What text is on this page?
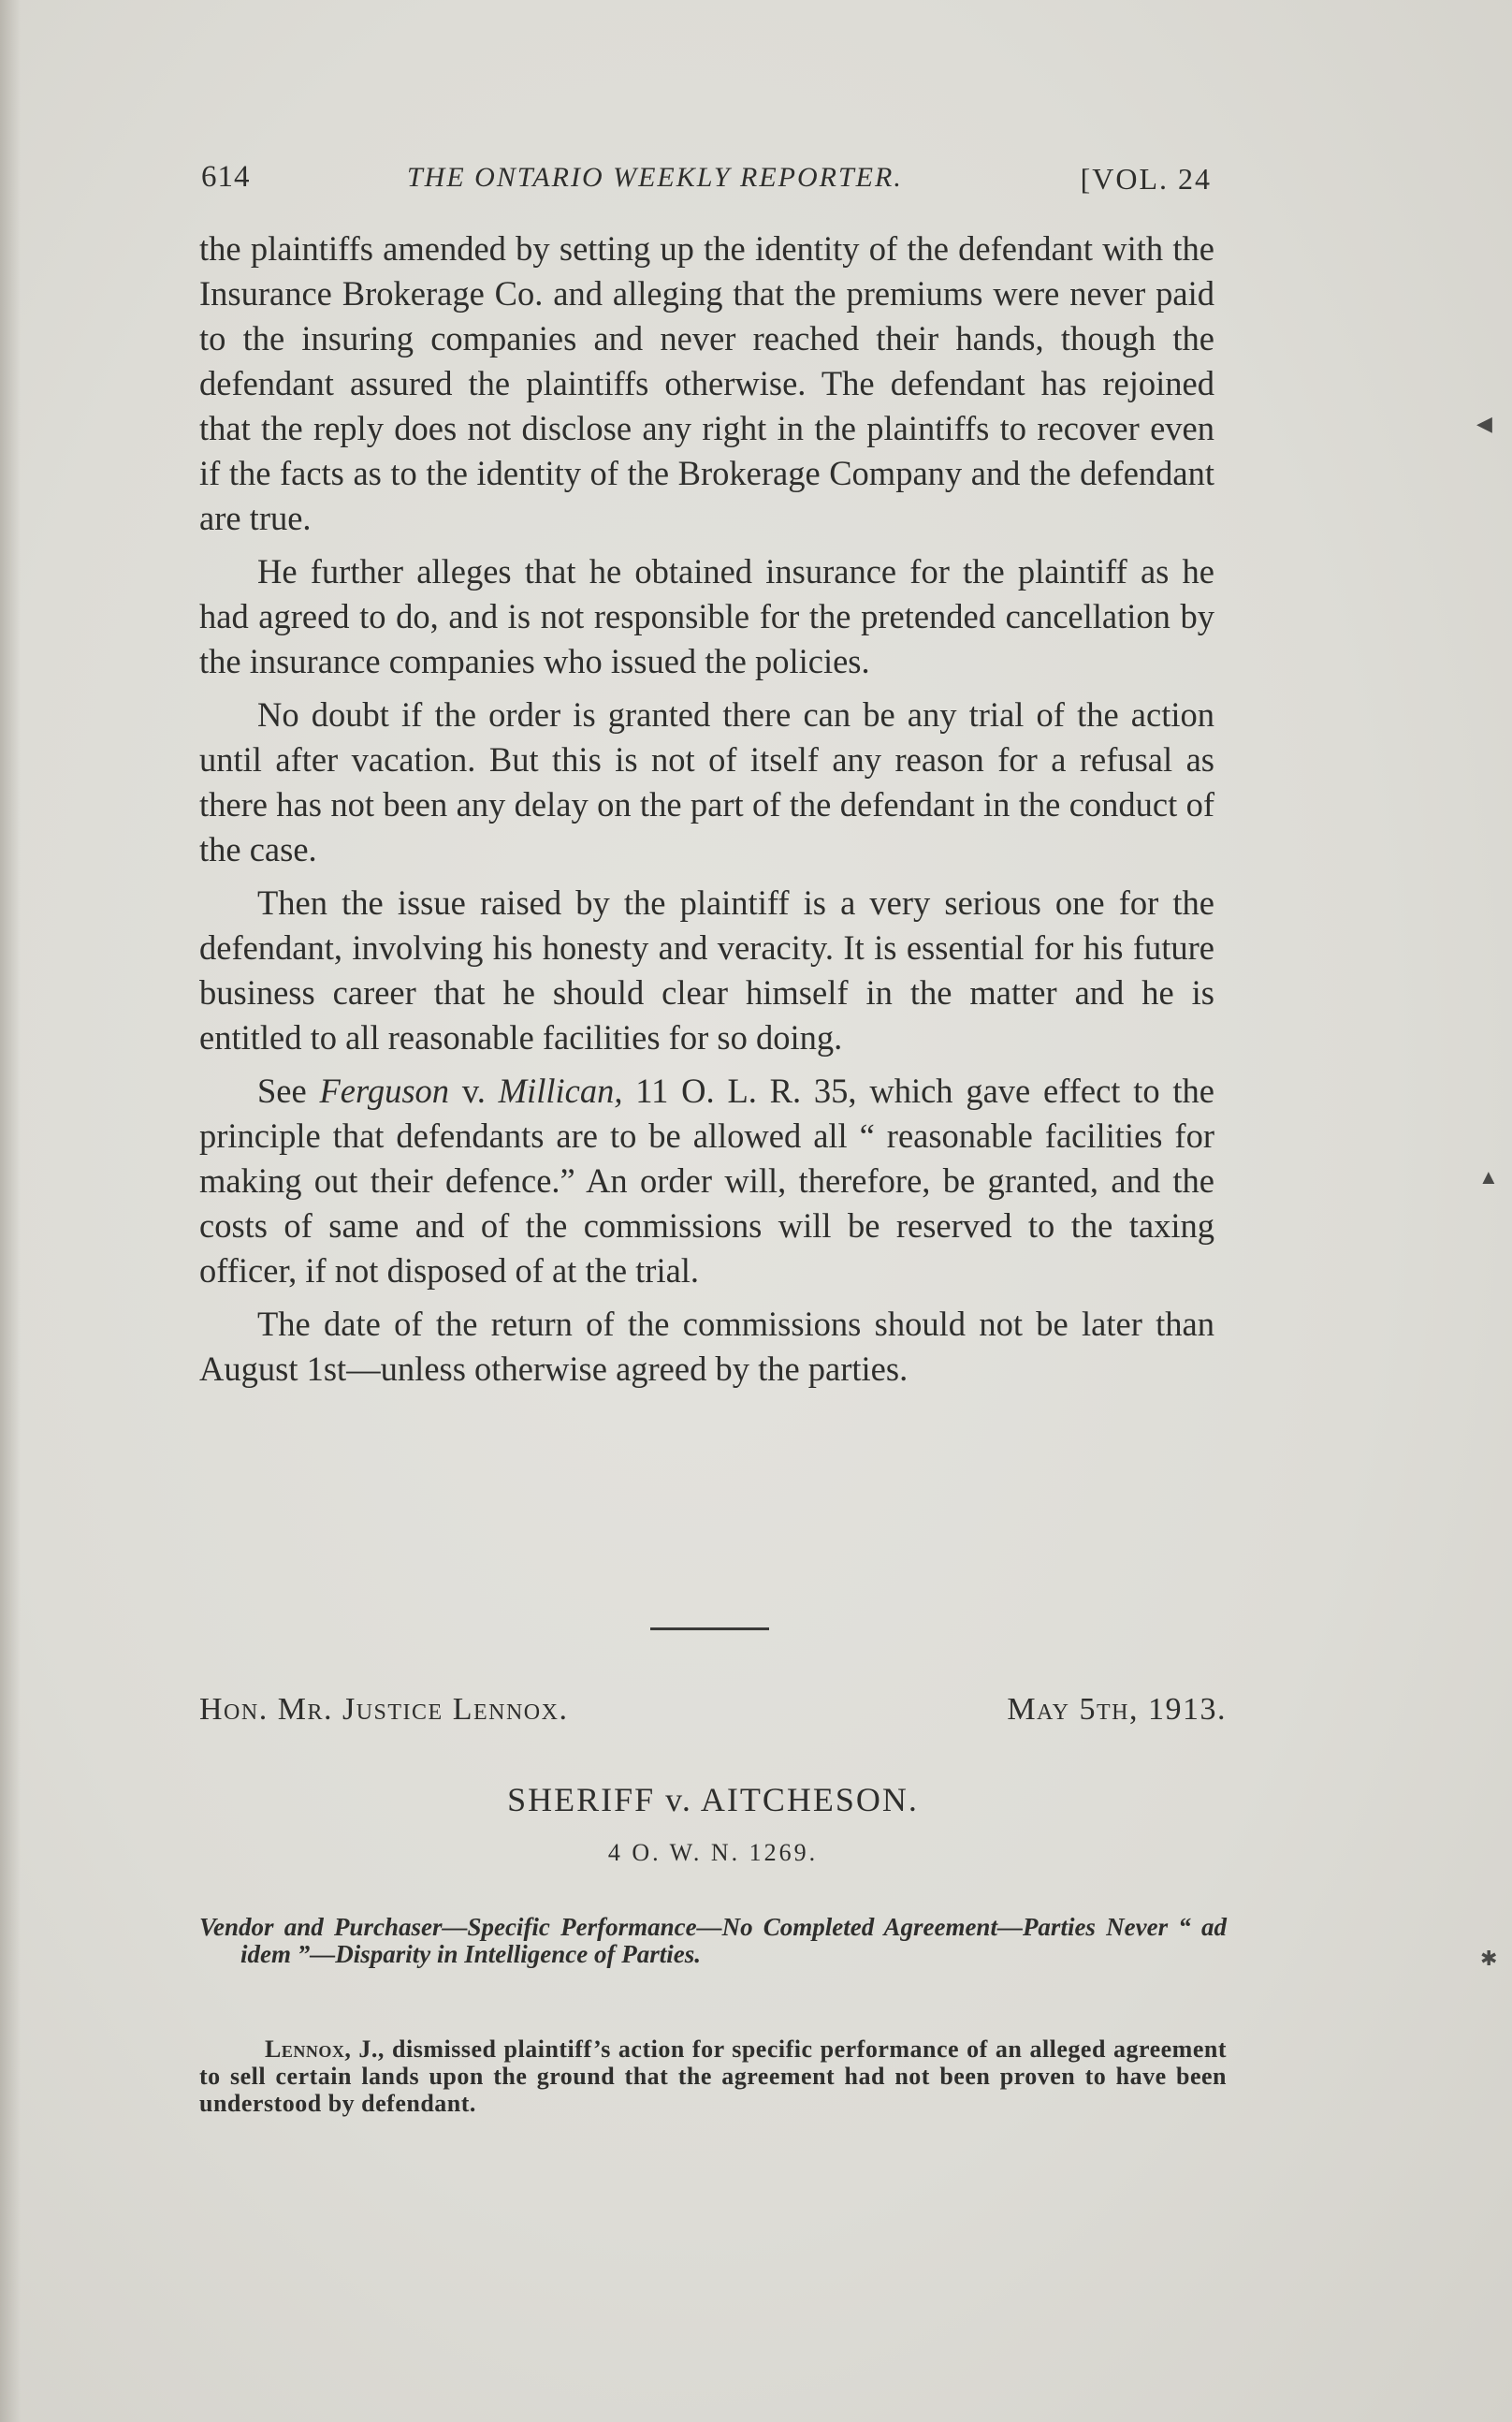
614	THE ONTARIO WEEKLY REPORTER.	[VOL. 24

the plaintiffs amended by setting up the identity of the defendant with the Insurance Brokerage Co. and alleging that the premiums were never paid to the insuring companies and never reached their hands, though the defendant assured the plaintiffs otherwise. The defendant has rejoined that the reply does not disclose any right in the plaintiffs to recover even if the facts as to the identity of the Brokerage Company and the defendant are true.

He further alleges that he obtained insurance for the plaintiff as he had agreed to do, and is not responsible for the pretended cancellation by the insurance companies who issued the policies.

No doubt if the order is granted there can be any trial of the action until after vacation. But this is not of itself any reason for a refusal as there has not been any delay on the part of the defendant in the conduct of the case.

Then the issue raised by the plaintiff is a very serious one for the defendant, involving his honesty and veracity. It is essential for his future business career that he should clear himself in the matter and he is entitled to all reasonable facilities for so doing.

See Ferguson v. Millican, 11 O. L. R. 35, which gave effect to the principle that defendants are to be allowed all “ reasonable facilities for making out their defence.” An order will, therefore, be granted, and the costs of same and of the commissions will be reserved to the taxing officer, if not disposed of at the trial.

The date of the return of the commissions should not be later than August 1st—unless otherwise agreed by the parties.

Hon. Mr. Justice Lennox.	May 5th, 1913.
SHERIFF v. AITCHESON.
4 O. W. N. 1269.
Vendor and Purchaser—Specific Performance—No Completed Agreement—Parties Never “ ad idem ”—Disparity in Intelligence of Parties.
Lennox, J., dismissed plaintiff’s action for specific performance of an alleged agreement to sell certain lands upon the ground that the agreement had not been proven to have been understood by defendant.
◀
▲
✱
